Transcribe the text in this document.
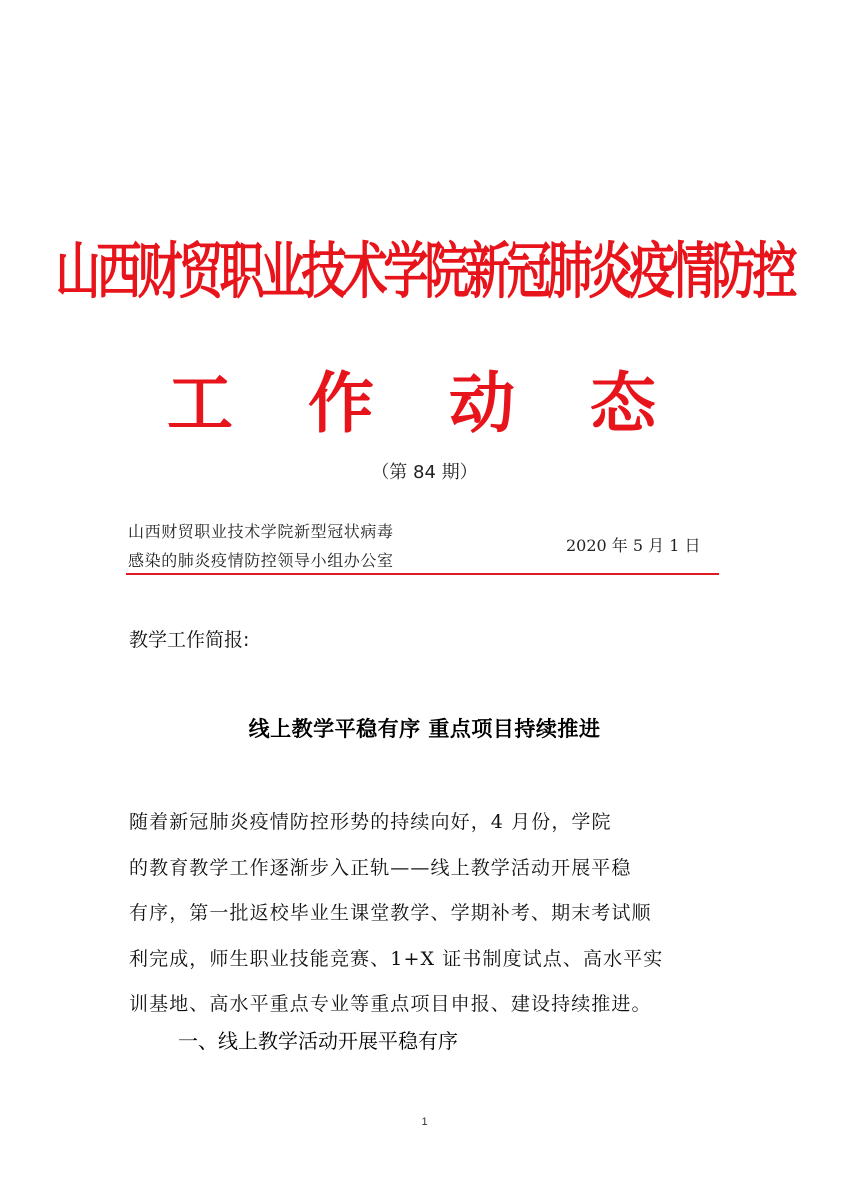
山西财贸职业技术学院新冠肺炎疫情防控
工 作 动 态
（第 84 期）
山西财贸职业技术学院新型冠状病毒
感染的肺炎疫情防控领导小组办公室
2020 年 5 月 1 日
教学工作简报:
线上教学平稳有序 重点项目持续推进
随着新冠肺炎疫情防控形势的持续向好，4 月份，学院
的教育教学工作逐渐步入正轨——线上教学活动开展平稳
有序，第一批返校毕业生课堂教学、学期补考、期末考试顺
利完成，师生职业技能竞赛、1+X 证书制度试点、高水平实
训基地、高水平重点专业等重点项目申报、建设持续推进。
一、线上教学活动开展平稳有序
1
